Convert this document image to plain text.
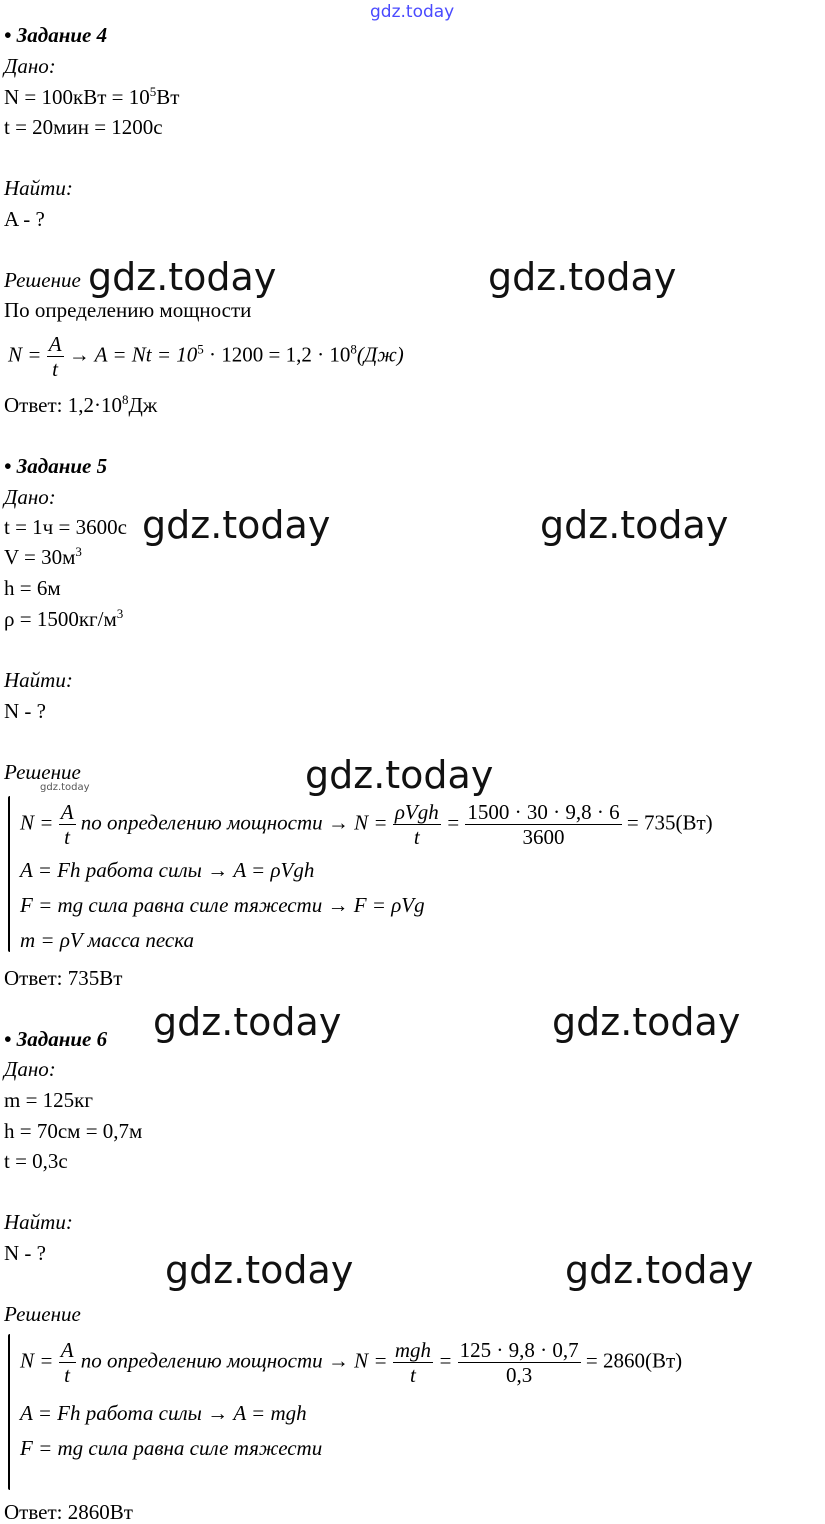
gdz.today
• Задание 4
Дано:
$N = 100кВт = 10^5Вт$
t = 20мин = 1200с
Найти:
A - ?
Решение gdz.today	gdz.today
По определению мощности
$N = \frac{A}{t} \to A = Nt = 10^5 \cdot 1200 = 1,2 \cdot 10^8(Дж)$
Ответ: $1,2\cdot 10^8Дж$
• Задание 5
Дано:
t = 1ч = 3600с gdz.today	gdz.today
$V = 30м^3$
h = 6м
$\rho = 1500кг/м^3$
Найти:
N - ?
gdz.today
Решение
gdz.today
$N = \frac{A}{t}$ по определению мощности → $N = \frac{\text{ρVgh}}{t} = \frac{1500 \cdot 30 \cdot 9,8 \cdot 6}{3600} = 735(Вт)$
A = Fh работа силы → A = ρVgh
F = mg сила равна силе тяжести → F = ρVg
m = ρV масса песка
Ответ: 735Вт
gdz.today	gdz.today
• Задание 6
Дано:
m = 125кг
h = 70см = 0,7м
t = 0,3с
Найти:
N - ?	gdz.today	gdz.today
Решение
$N = \frac{A}{t}$ по определению мощности → $N = \frac{\text{mgh}}{t} = \frac{125 \cdot 9,8 \cdot 0,7}{0,3} = 2860(Вт)$
A = Fh работа силы → A = mgh
F = mg сила равна силе тяжести
Ответ: 2860Вт
